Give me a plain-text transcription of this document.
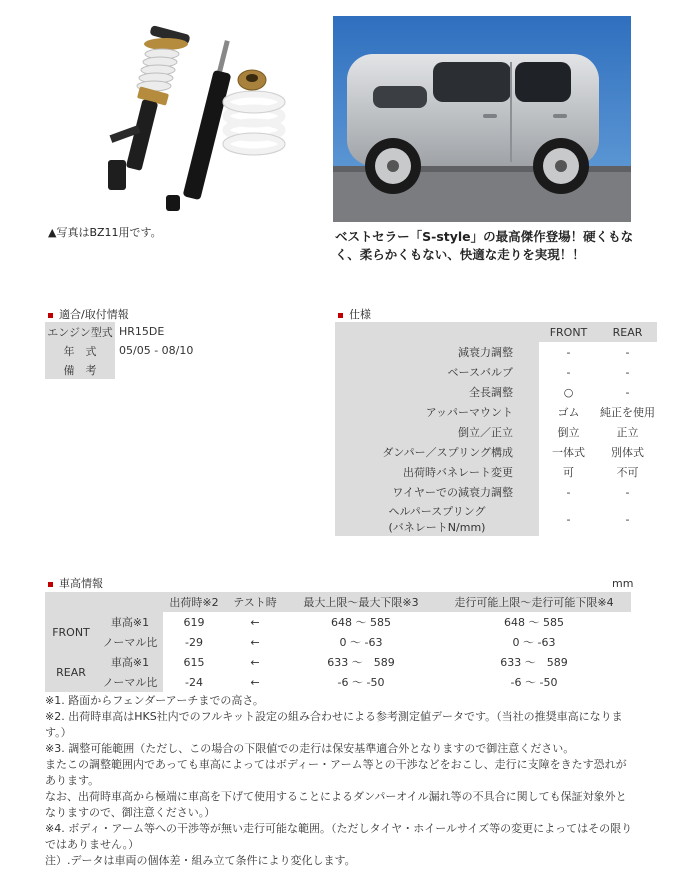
▲写真はBZ11用です。	ベストセラー「S-style」の最高傑作登場！硬くもなく、柔らかくもない、快適な走りを実現！！
適合/取付情報
エンジン型式	HR15DE
年　式	05/05 - 08/10
備　考	
仕様
	FRONT	REAR
減衰力調整	-	-
ベースバルブ	-	-
全長調整	○	-
アッパーマウント	ゴム	純正を使用
倒立／正立	倒立	正立
ダンパー／スプリング構成	一体式	別体式
出荷時バネレート変更	可	不可
ワイヤーでの減衰力調整	-	-
ヘルパースプリング
(バネレートN/mm)	-	-
車高情報	mm
		出荷時※2	テスト時	最大上限～最大下限※3	走行可能上限～走行可能下限※4
FRONT	車高※1	619	←	648 ～ 585	648 ～ 585
	ノーマル比	-29	←	0 ～ -63	0 ～ -63
REAR	車高※1	615	←	633 ～　589	633 ～　589
	ノーマル比	-24	←	-6 ～ -50	-6 ～ -50

※1. 路面からフェンダーアーチまでの高さ。

※2. 出荷時車高はHKS社内でのフルキット設定の組み合わせによる参考測定値データです。（当社の推奨車高になります。）

※3. 調整可能範囲（ただし、この場合の下限値での走行は保安基準適合外となりますので御注意ください。

またこの調整範囲内であっても車高によってはボディー・アーム等との干渉などをおこし、走行に支障をきたす恐れがあります。

なお、出荷時車高から極端に車高を下げて使用することによるダンパーオイル漏れ等の不具合に関しても保証対象外となりますので、御注意ください。）

※4. ボディ・アーム等への干渉等が無い走行可能な範囲。（ただしタイヤ・ホイールサイズ等の変更によってはその限りではありません。）

注）.データは車両の個体差・組み立て条件により変化します。
